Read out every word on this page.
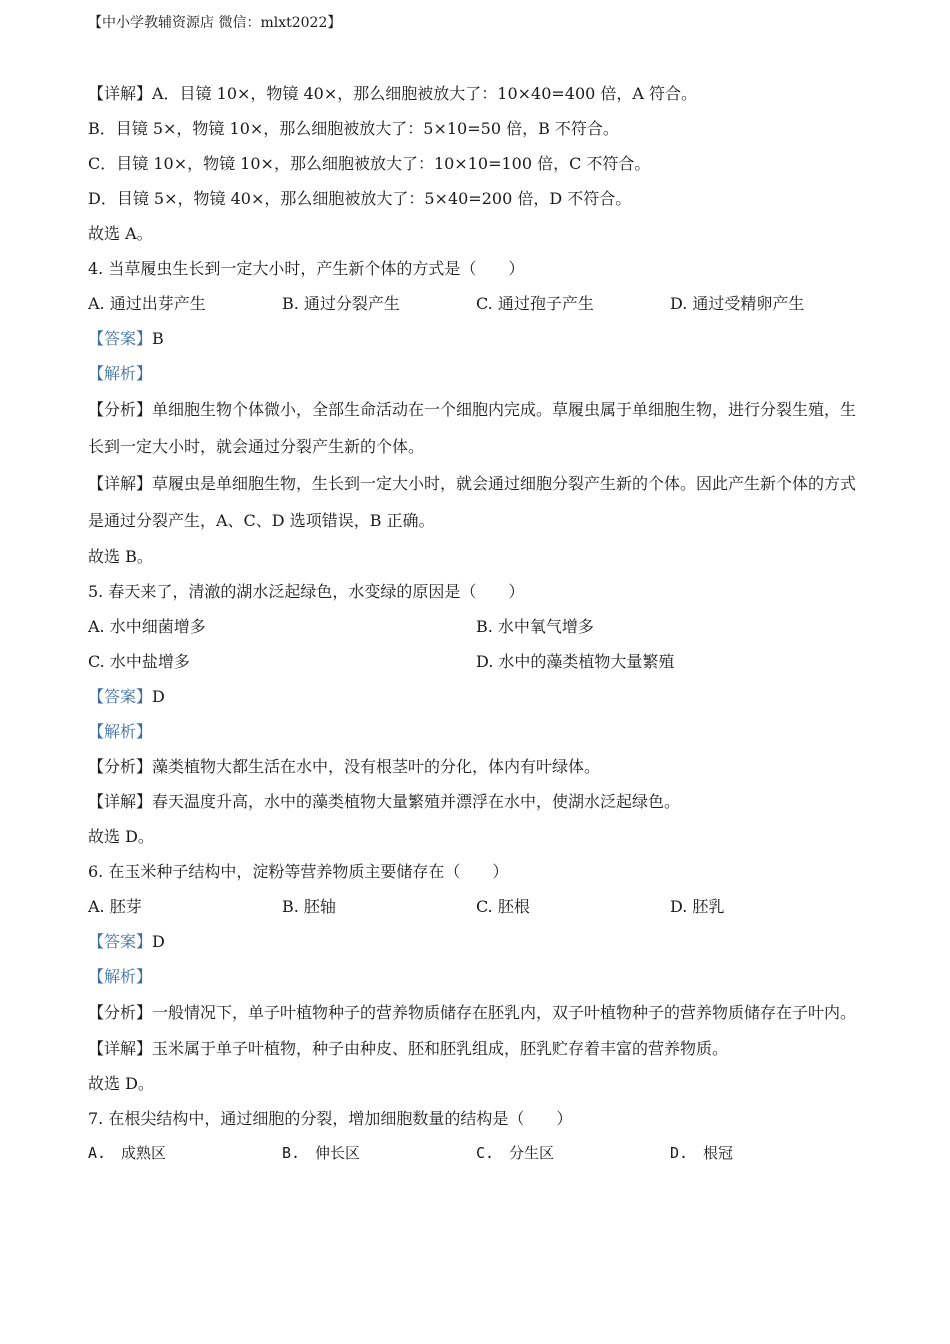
【中小学教辅资源店 微信：mlxt2022】
【详解】A．目镜 10×，物镜 40×，那么细胞被放大了：10×40=400 倍，A 符合。
B．目镜 5×，物镜 10×，那么细胞被放大了：5×10=50 倍，B 不符合。
C．目镜 10×，物镜 10×，那么细胞被放大了：10×10=100 倍，C 不符合。
D．目镜 5×，物镜 40×，那么细胞被放大了：5×40=200 倍，D 不符合。
故选 A。
4. 当草履虫生长到一定大小时，产生新个体的方式是（　　）
A. 通过出芽产生	B. 通过分裂产生	C. 通过孢子产生	D. 通过受精卵产生
【答案】B
【解析】
【分析】单细胞生物个体微小，全部生命活动在一个细胞内完成。草履虫属于单细胞生物，进行分裂生殖，生长到一定大小时，就会通过分裂产生新的个体。
【详解】草履虫是单细胞生物，生长到一定大小时，就会通过细胞分裂产生新的个体。因此产生新个体的方式是通过分裂产生，A、C、D 选项错误，B 正确。
故选 B。
5. 春天来了，清澈的湖水泛起绿色，水变绿的原因是（　　）
A. 水中细菌增多	B. 水中氧气增多
C. 水中盐增多	D. 水中的藻类植物大量繁殖
【答案】D
【解析】
【分析】藻类植物大都生活在水中，没有根茎叶的分化，体内有叶绿体。
【详解】春天温度升高，水中的藻类植物大量繁殖并漂浮在水中，使湖水泛起绿色。
故选 D。
6. 在玉米种子结构中，淀粉等营养物质主要储存在（　　）
A. 胚芽	B. 胚轴	C. 胚根	D. 胚乳
【答案】D
【解析】
【分析】一般情况下，单子叶植物种子的营养物质储存在胚乳内，双子叶植物种子的营养物质储存在子叶内。
【详解】玉米属于单子叶植物，种子由种皮、胚和胚乳组成，胚乳贮存着丰富的营养物质。
故选 D。
7. 在根尖结构中，通过细胞的分裂，增加细胞数量的结构是（　　）
A.　成熟区	B.　伸长区	C.　分生区	D.　根冠
